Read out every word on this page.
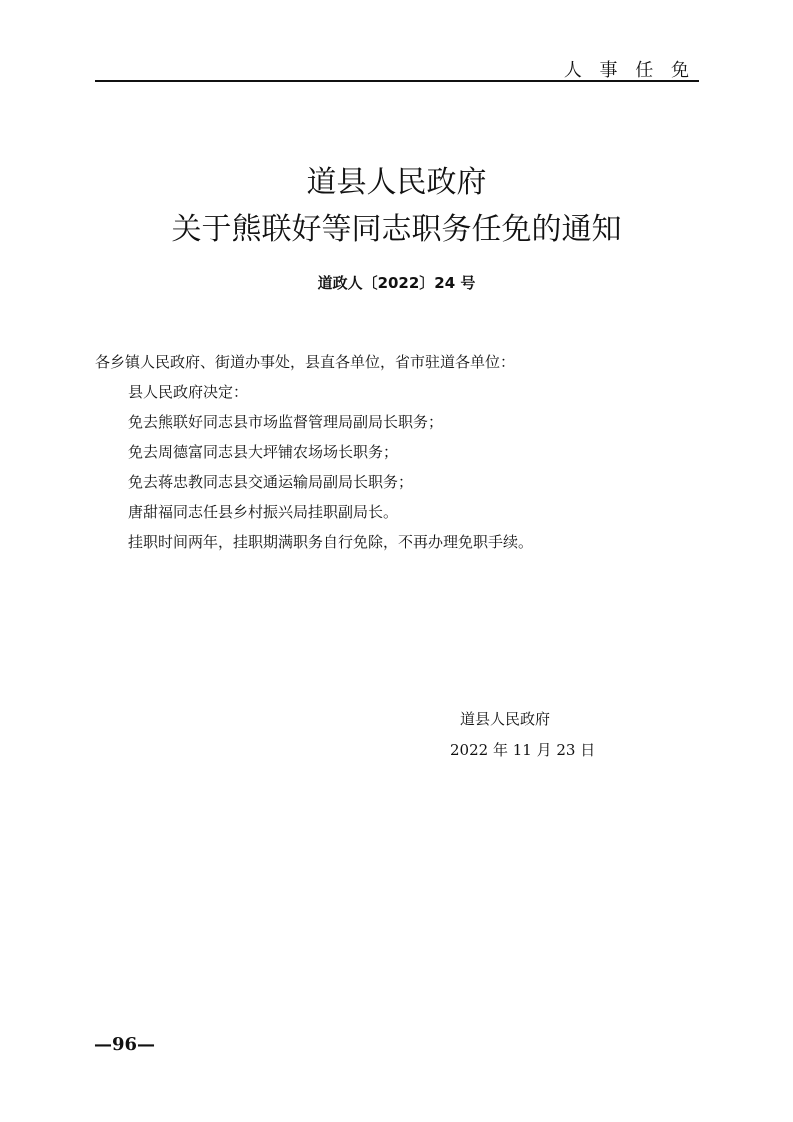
人 事 任 免
道县人民政府
关于熊联好等同志职务任免的通知
道政人〔2022〕24 号

各乡镇人民政府、街道办事处，县直各单位，省市驻道各单位：

县人民政府决定：

免去熊联好同志县市场监督管理局副局长职务；

免去周德富同志县大坪铺农场场长职务；

免去蒋忠教同志县交通运输局副局长职务；

唐甜福同志任县乡村振兴局挂职副局长。

挂职时间两年，挂职期满职务自行免除，不再办理免职手续。

道县人民政府
2022 年 11 月 23 日
—96—
